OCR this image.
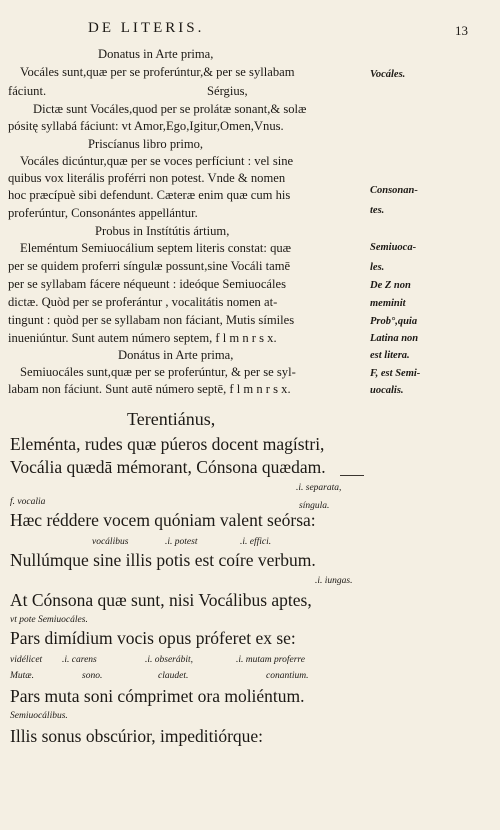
DE LITERIS.	13
Donatus in Arte prima,
Vocáles sunt,quæ per se proferúntur,& per se syllabam
fáciunt.	Sérgius,
Dictæ sunt Vocáles,quod per se prolátæ sonant,& solæ
pósitę syllabá fáciunt: vt Amor,Ego,Igitur,Omen,Vnus.
Priscíanus libro primo,
Vocáles dicúntur,quæ per se voces perfíciunt : vel sine
quibus vox literális proférri non potest. Vnde & nomen
hoc præcípuè sibi defendunt. Cæteræ enim quæ cum his
proferúntur, Consonántes appellántur.
Probus in Instítútis ártium,
Eleméntum Semiuocálium septem literis constat: quæ
per se quidem proferri síngulæ possunt,sine Vocáli tamē
per se syllabam fácere néqueunt : ideóque Semiuocáles
dictæ. Quòd per se proferántur , vocalitátis nomen at-
tingunt : quòd per se syllabam non fáciant, Mutis símiles
inueniúntur. Sunt autem número septem, f l m n r s x.
Donátus in Arte prima,
Semiuocáles sunt,quæ per se proferúntur, & per se syl-
labam non fáciunt. Sunt autē número septē, f l m n r s x.
Vocáles.
Consonan-
tes.
Semiuoca-
les.
De Z non
meminit
Prob°,quia
Latina non
est litera.
F, est Semi-
uocalis.
Terentiánus,
Eleménta, rudes quæ púeros docent magístri,
Vocália quædā mémorant, Cónsona quædam.
.i. separata,
f. vocalia	síngula.
Hæc réddere vocem quóniam valent seórsa:
vocálibus	.i. potest	.i. effici.
Nullúmque sine illis potis est coíre verbum.
.i. iungas.
At Cónsona quæ sunt, nisi Vocálibus aptes,
vt pote Semiuocáles.
Pars dimídium vocis opus próferet ex se:
vidélicet .i. carens	.i. obserábit,	.i. mutam proferre
Mutæ.	sono.	claudet.	conantium.
Pars muta soni cómprimet ora moliéntum.
Semiuocálibus.
Illis sonus obscúrior, impeditiórque:
